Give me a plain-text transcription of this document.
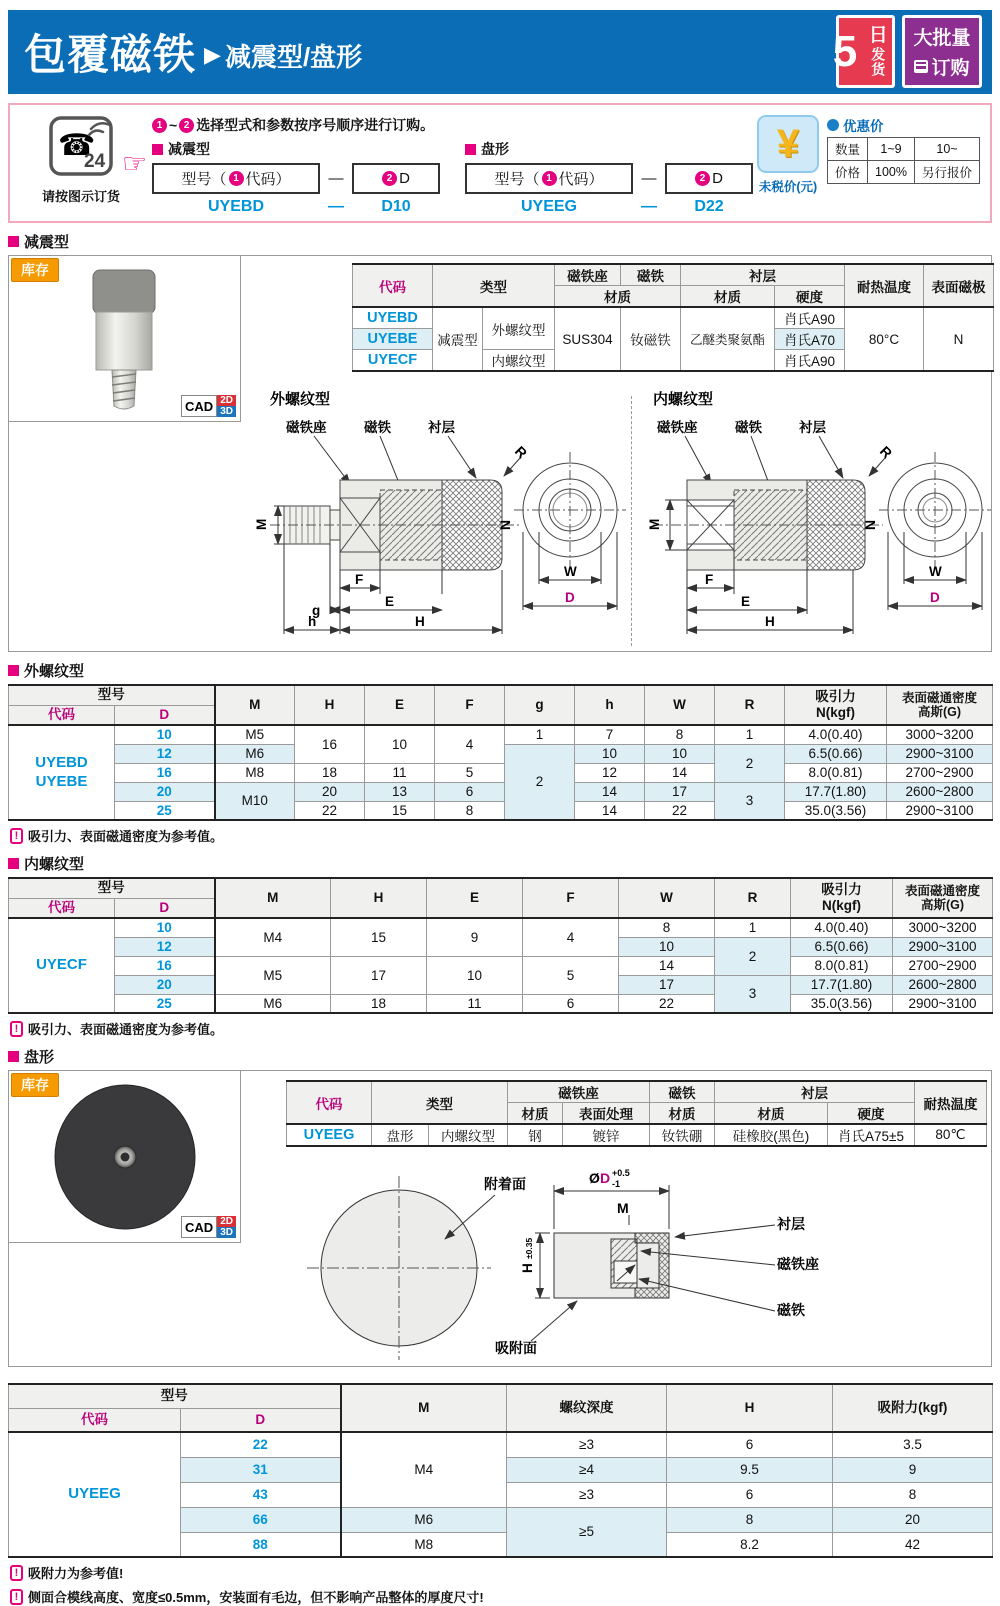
包覆磁铁 ▶ 减震型/盘形	5 日
发货
大批量
订购
☎
24
请按图示订货
☞
1 ~ 2 选择型式和参数按序号顺序进行订购。
减震型
型号（ 1 代码）	—	2 D
UYEBD	—	D10
盘形
型号（ 1 代码）	—	2 D
UYEEG	—	D22
¥
未税价(元)
优惠价
数量	1~9	10~
价格	100%	另行报价
减震型
库存
CAD 2D
3D
代码	类型		磁铁座	磁铁	衬层		耐热温度	表面磁极
			材质		材质	硬度		
UYEBD	减震型	外螺纹型	SUS304	钕磁铁	乙醚类聚氨酯	肖氏A90	80°C	N
UYEBE						肖氏A70		
UYECF		内螺纹型				肖氏A90		
外螺纹型
磁铁座	磁铁	衬层
R
N
M
F
g
E
h	H
W
D
内螺纹型
磁铁座	磁铁	衬层
R
N
M
F
E
H
W
D
外螺纹型
型号	M	H	E	F	g	h	W	R	
吸引力
N(kgf)

表面磁通密度
高斯(G)

代码	D										

UYEBD
UYEBE	10	M5	16	10	4	1	7	8	1	4.0(0.40)	3000~3200
	12	M6				2	10	10	2	6.5(0.66)	2900~3100
	16	M8	18	11	5		12	14		8.0(0.81)	2700~2900
	20	M10	20	13	6		14	17	3	17.7(1.80)	2600~2800
	25		22	15	8		14	22		35.0(3.56)	2900~3100
!
吸引力、表面磁通密度为参考值。
内螺纹型
型号	M	H	E	F	W	R	
吸引力
N(kgf)

表面磁通密度
高斯(G)

代码	D								
UYECF	10	M4	15	9	4	8	1	4.0(0.40)	3000~3200
	12					10	2	6.5(0.66)	2900~3100
	16	M5	17	10	5	14		8.0(0.81)	2700~2900
	20					17	3	17.7(1.80)	2600~2800
	25	M6	18	11	6	22		35.0(3.56)	2900~3100
!
吸引力、表面磁通密度为参考值。
盘形
库存
CAD 2D
3D
代码	类型		磁铁座		磁铁	衬层		耐热温度
			材质	表面处理	材质	材质	硬度	
UYEEG	盘形	内螺纹型	钢	镀锌	钕铁硼	硅橡胶(黑色)	肖氏A75±5	80℃
附着面	Ø D +0.5
-1
M
H
±0.35
衬层
磁铁座
磁铁
吸附面
型号		M	螺纹深度	H	吸附力(kgf)
代码	D				
UYEEG	22	M4	≥3	6	3.5
	31		≥4	9.5	9
	43		≥3	6	8
	66	M6	≥5	8	20
	88	M8		8.2	42
!
吸附力为参考值!
!
侧面合模线高度、宽度≤0.5mm，安装面有毛边，但不影响产品整体的厚度尺寸!
